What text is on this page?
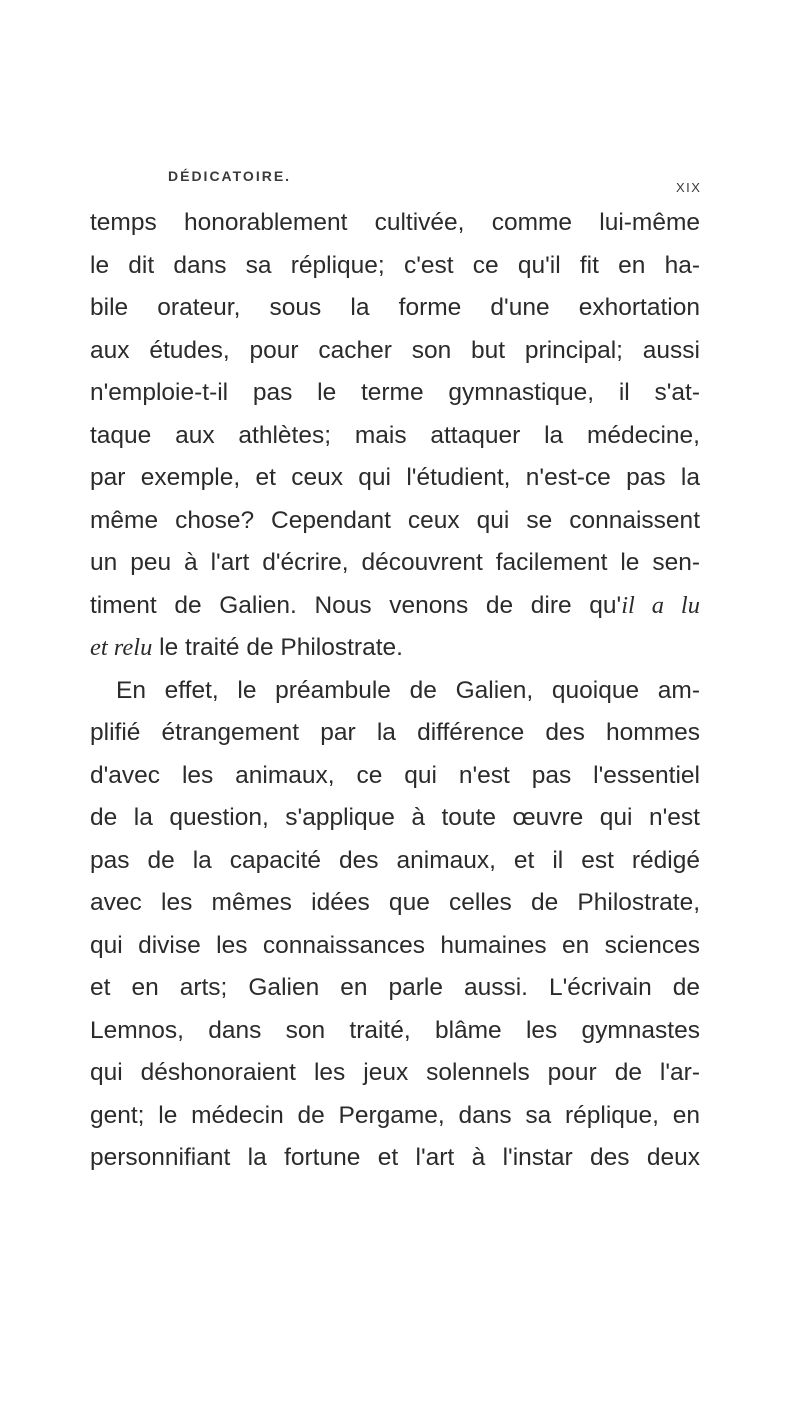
DÉDICATOIRE.
XIX
temps honorablement cultivée, comme lui-même
le dit dans sa réplique; c'est ce qu'il fit en ha-
bile orateur, sous la forme d'une exhortation
aux études, pour cacher son but principal; aussi
n'emploie-t-il pas le terme gymnastique, il s'at-
taque aux athlètes; mais attaquer la médecine,
par exemple, et ceux qui l'étudient, n'est-ce pas la
même chose? Cependant ceux qui se connaissent
un peu à l'art d'écrire, découvrent facilement le sen-
timent de Galien. Nous venons de dire qu'il a lu
et relu le traité de Philostrate.
En effet, le préambule de Galien, quoique am-
plifié étrangement par la différence des hommes
d'avec les animaux, ce qui n'est pas l'essentiel
de la question, s'applique à toute œuvre qui n'est
pas de la capacité des animaux, et il est rédigé
avec les mêmes idées que celles de Philostrate,
qui divise les connaissances humaines en sciences
et en arts; Galien en parle aussi. L'écrivain de
Lemnos, dans son traité, blâme les gymnastes
qui déshonoraient les jeux solennels pour de l'ar-
gent; le médecin de Pergame, dans sa réplique, en
personnifiant la fortune et l'art à l'instar des deux
